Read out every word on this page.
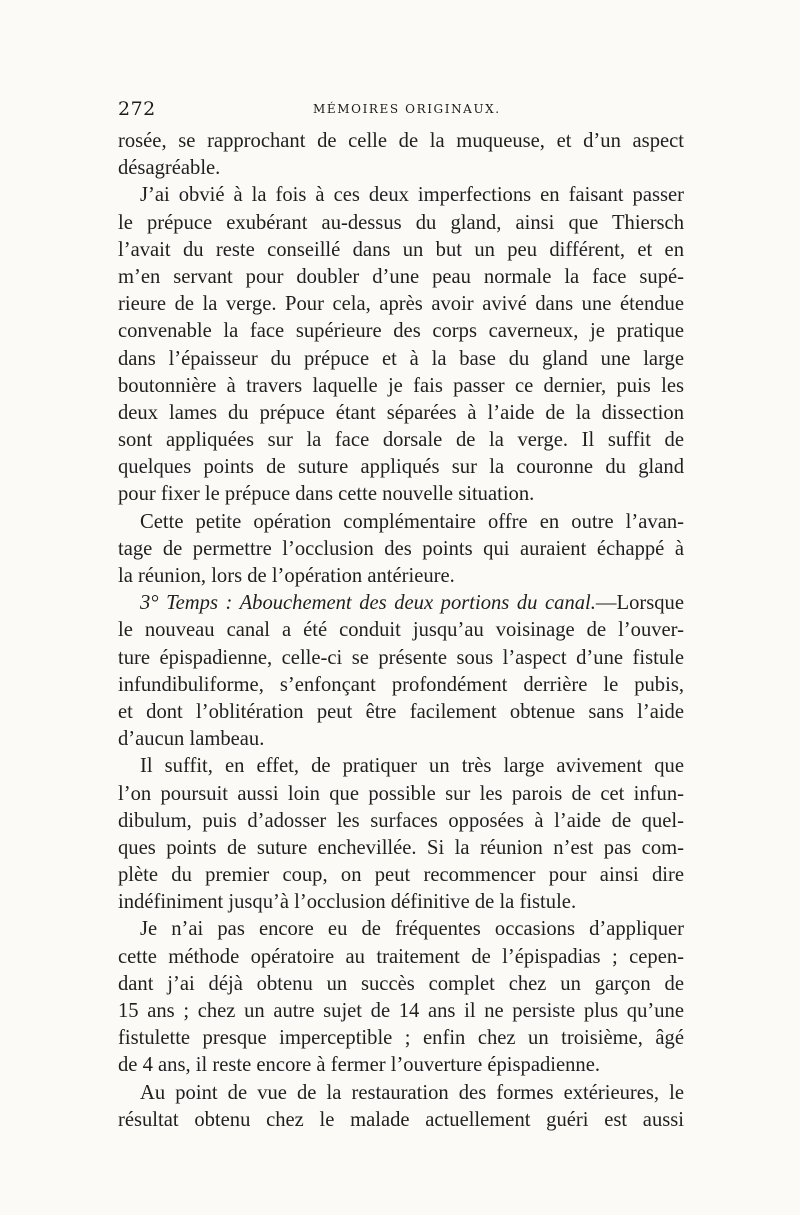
272	MÉMOIRES ORIGINAUX.

rosée, se rapprochant de celle de la muqueuse, et d’un aspect
désagréable.

J’ai obvié à la fois à ces deux imperfections en faisant passer
le prépuce exubérant au-dessus du gland, ainsi que Thiersch
l’avait du reste conseillé dans un but un peu différent, et en
m’en servant pour doubler d’une peau normale la face supé-
rieure de la verge. Pour cela, après avoir avivé dans une étendue
convenable la face supérieure des corps caverneux, je pratique
dans l’épaisseur du prépuce et à la base du gland une large
boutonnière à travers laquelle je fais passer ce dernier, puis les
deux lames du prépuce étant séparées à l’aide de la dissection
sont appliquées sur la face dorsale de la verge. Il suffit de
quelques points de suture appliqués sur la couronne du gland
pour fixer le prépuce dans cette nouvelle situation.

Cette petite opération complémentaire offre en outre l’avan-
tage de permettre l’occlusion des points qui auraient échappé à
la réunion, lors de l’opération antérieure.

3° Temps : Abouchement des deux portions du canal.—Lorsque
le nouveau canal a été conduit jusqu’au voisinage de l’ouver-
ture épispadienne, celle-ci se présente sous l’aspect d’une fistule
infundibuliforme, s’enfonçant profondément derrière le pubis,
et dont l’oblitération peut être facilement obtenue sans l’aide
d’aucun lambeau.

Il suffit, en effet, de pratiquer un très large avivement que
l’on poursuit aussi loin que possible sur les parois de cet infun-
dibulum, puis d’adosser les surfaces opposées à l’aide de quel-
ques points de suture enchevillée. Si la réunion n’est pas com-
plète du premier coup, on peut recommencer pour ainsi dire
indéfiniment jusqu’à l’occlusion définitive de la fistule.

Je n’ai pas encore eu de fréquentes occasions d’appliquer
cette méthode opératoire au traitement de l’épispadias ; cepen-
dant j’ai déjà obtenu un succès complet chez un garçon de
15 ans ; chez un autre sujet de 14 ans il ne persiste plus qu’une
fistulette presque imperceptible ; enfin chez un troisième, âgé
de 4 ans, il reste encore à fermer l’ouverture épispadienne.

Au point de vue de la restauration des formes extérieures, le
résultat obtenu chez le malade actuellement guéri est aussi
